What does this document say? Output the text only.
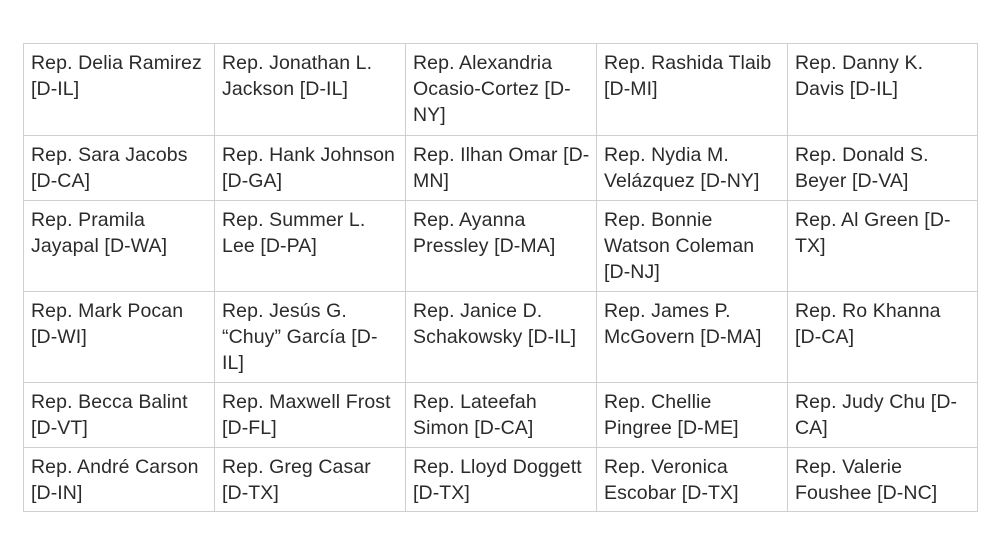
Rep. Delia Ramirez [D-IL]	Rep. Jonathan L. Jackson [D-IL]	Rep. Alexandria Ocasio-Cortez [D-NY]	Rep. Rashida Tlaib [D-MI]	Rep. Danny K. Davis [D-IL]
Rep. Sara Jacobs [D-CA]	Rep. Hank Johnson [D-GA]	Rep. Ilhan Omar [D-MN]	Rep. Nydia M. Velázquez [D-NY]	Rep. Donald S. Beyer [D-VA]
Rep. Pramila Jayapal [D-WA]	Rep. Summer L. Lee [D-PA]	Rep. Ayanna Pressley [D-MA]	Rep. Bonnie Watson Coleman [D-NJ]	Rep. Al Green [D-TX]
Rep. Mark Pocan [D-WI]	Rep. Jesús G. “Chuy” García [D-IL]	Rep. Janice D. Schakowsky [D-IL]	Rep. James P. McGovern [D-MA]	Rep. Ro Khanna [D-CA]
Rep. Becca Balint [D-VT]	Rep. Maxwell Frost [D-FL]	Rep. Lateefah Simon [D-CA]	Rep. Chellie Pingree [D-ME]	Rep. Judy Chu [D-CA]
Rep. André Carson [D-IN]	Rep. Greg Casar [D-TX]	Rep. Lloyd Doggett [D-TX]	Rep. Veronica Escobar [D-TX]	Rep. Valerie Foushee [D-NC]
